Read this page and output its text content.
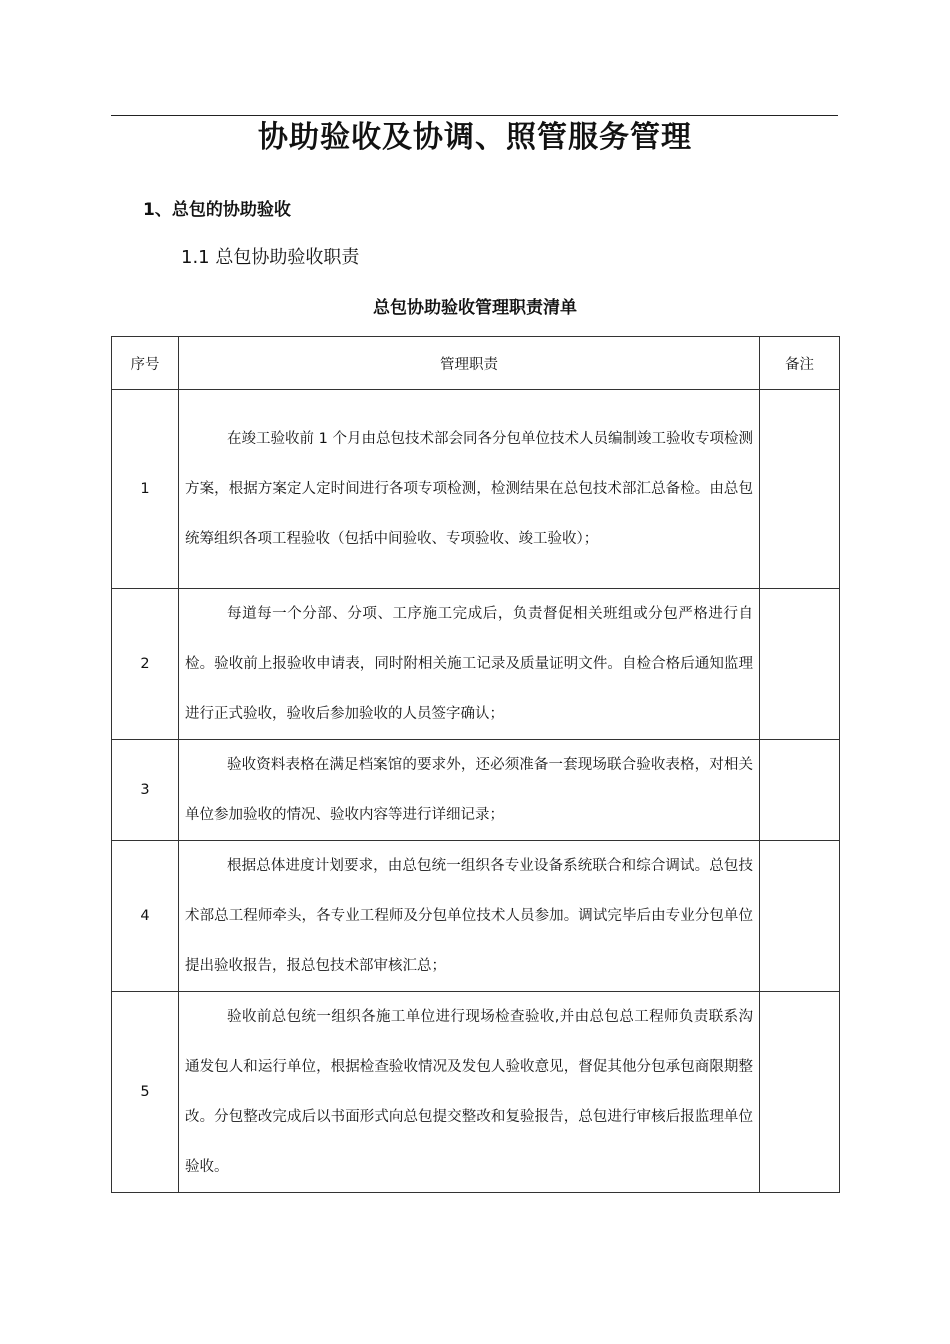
协助验收及协调、照管服务管理
1、总包的协助验收
1.1 总包协助验收职责
总包协助验收管理职责清单
序号	管理职责	备注
1	在竣工验收前 1 个月由总包技术部会同各分包单位技术人员编制竣工验收专项检测方案，根据方案定人定时间进行各项专项检测，检测结果在总包技术部汇总备检。由总包统筹组织各项工程验收（包括中间验收、专项验收、竣工验收）；	
2	每道每一个分部、分项、工序施工完成后，负责督促相关班组或分包严格进行自检。验收前上报验收申请表，同时附相关施工记录及质量证明文件。自检合格后通知监理进行正式验收，验收后参加验收的人员签字确认；	
3	验收资料表格在满足档案馆的要求外，还必须准备一套现场联合验收表格，对相关单位参加验收的情况、验收内容等进行详细记录；	
4	根据总体进度计划要求，由总包统一组织各专业设备系统联合和综合调试。总包技术部总工程师牵头，各专业工程师及分包单位技术人员参加。调试完毕后由专业分包单位提出验收报告，报总包技术部审核汇总；	
5	验收前总包统一组织各施工单位进行现场检查验收,并由总包总工程师负责联系沟通发包人和运行单位，根据检查验收情况及发包人验收意见，督促其他分包承包商限期整改。分包整改完成后以书面形式向总包提交整改和复验报告，总包进行审核后报监理单位验收。	
